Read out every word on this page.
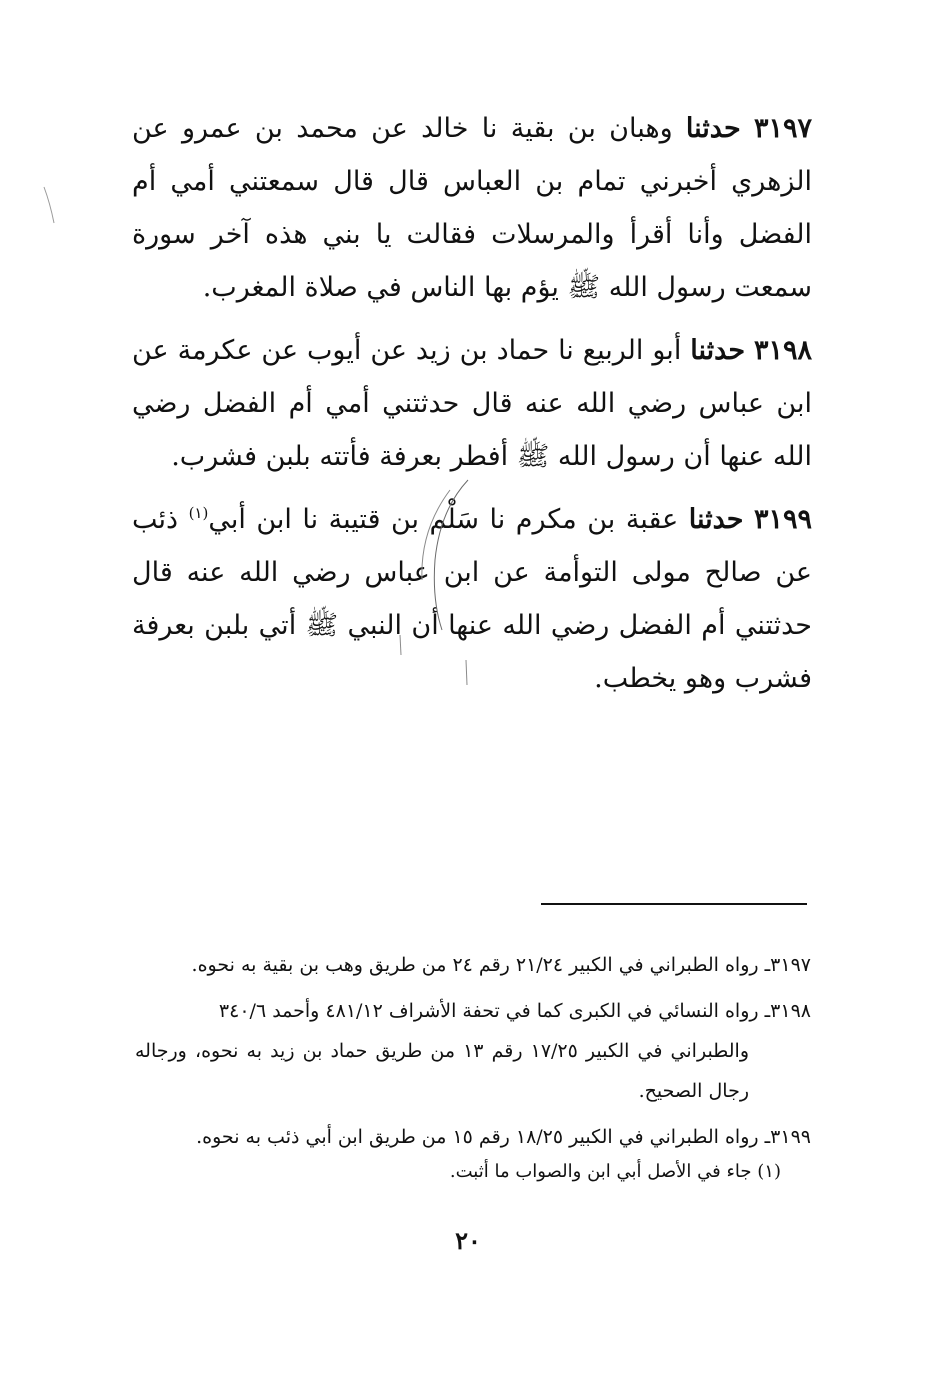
٣١٩٧ حدثنا وهبان بن بقية نا خالد عن محمد بن عمرو عن الزهري أخبرني تمام بن العباس قال قال سمعتني أمي أم الفضل وأنا أقرأ والمرسلات فقالت يا بني هذه آخر سورة سمعت رسول الله ﷺ يؤم بها الناس في صلاة المغرب.

٣١٩٨ حدثنا أبو الربيع نا حماد بن زيد عن أيوب عن عكرمة عن ابن عباس رضي الله عنه قال حدثتني أمي أم الفضل رضي الله عنها أن رسول الله ﷺ أفطر بعرفة فأتته بلبن فشرب.

٣١٩٩ حدثنا عقبة بن مكرم نا سَلْم بن قتيبة نا ابن أبي$^{(١)}$ ذئب عن صالح مولى التوأمة عن ابن عباس رضي الله عنه قال حدثتني أم الفضل رضي الله عنها أن النبي ﷺ أتي بلبن بعرفة فشرب وهو يخطب.

٣١٩٧ـ رواه الطبراني في الكبير ٢١/٢٤ رقم ٢٤ من طريق وهب بن بقية به نحوه.

٣١٩٨ـ رواه النسائي في الكبرى كما في تحفة الأشراف ٤٨١/١٢ وأحمد ٣٤٠/٦
والطبراني في الكبير ١٧/٢٥ رقم ١٣ من طريق حماد بن زيد به نحوه، ورجاله رجال الصحيح.

٣١٩٩ـ رواه الطبراني في الكبير ١٨/٢٥ رقم ١٥ من طريق ابن أبي ذئب به نحوه.

(١) جاء في الأصل أبي ابن والصواب ما أثبت.

٢٠
